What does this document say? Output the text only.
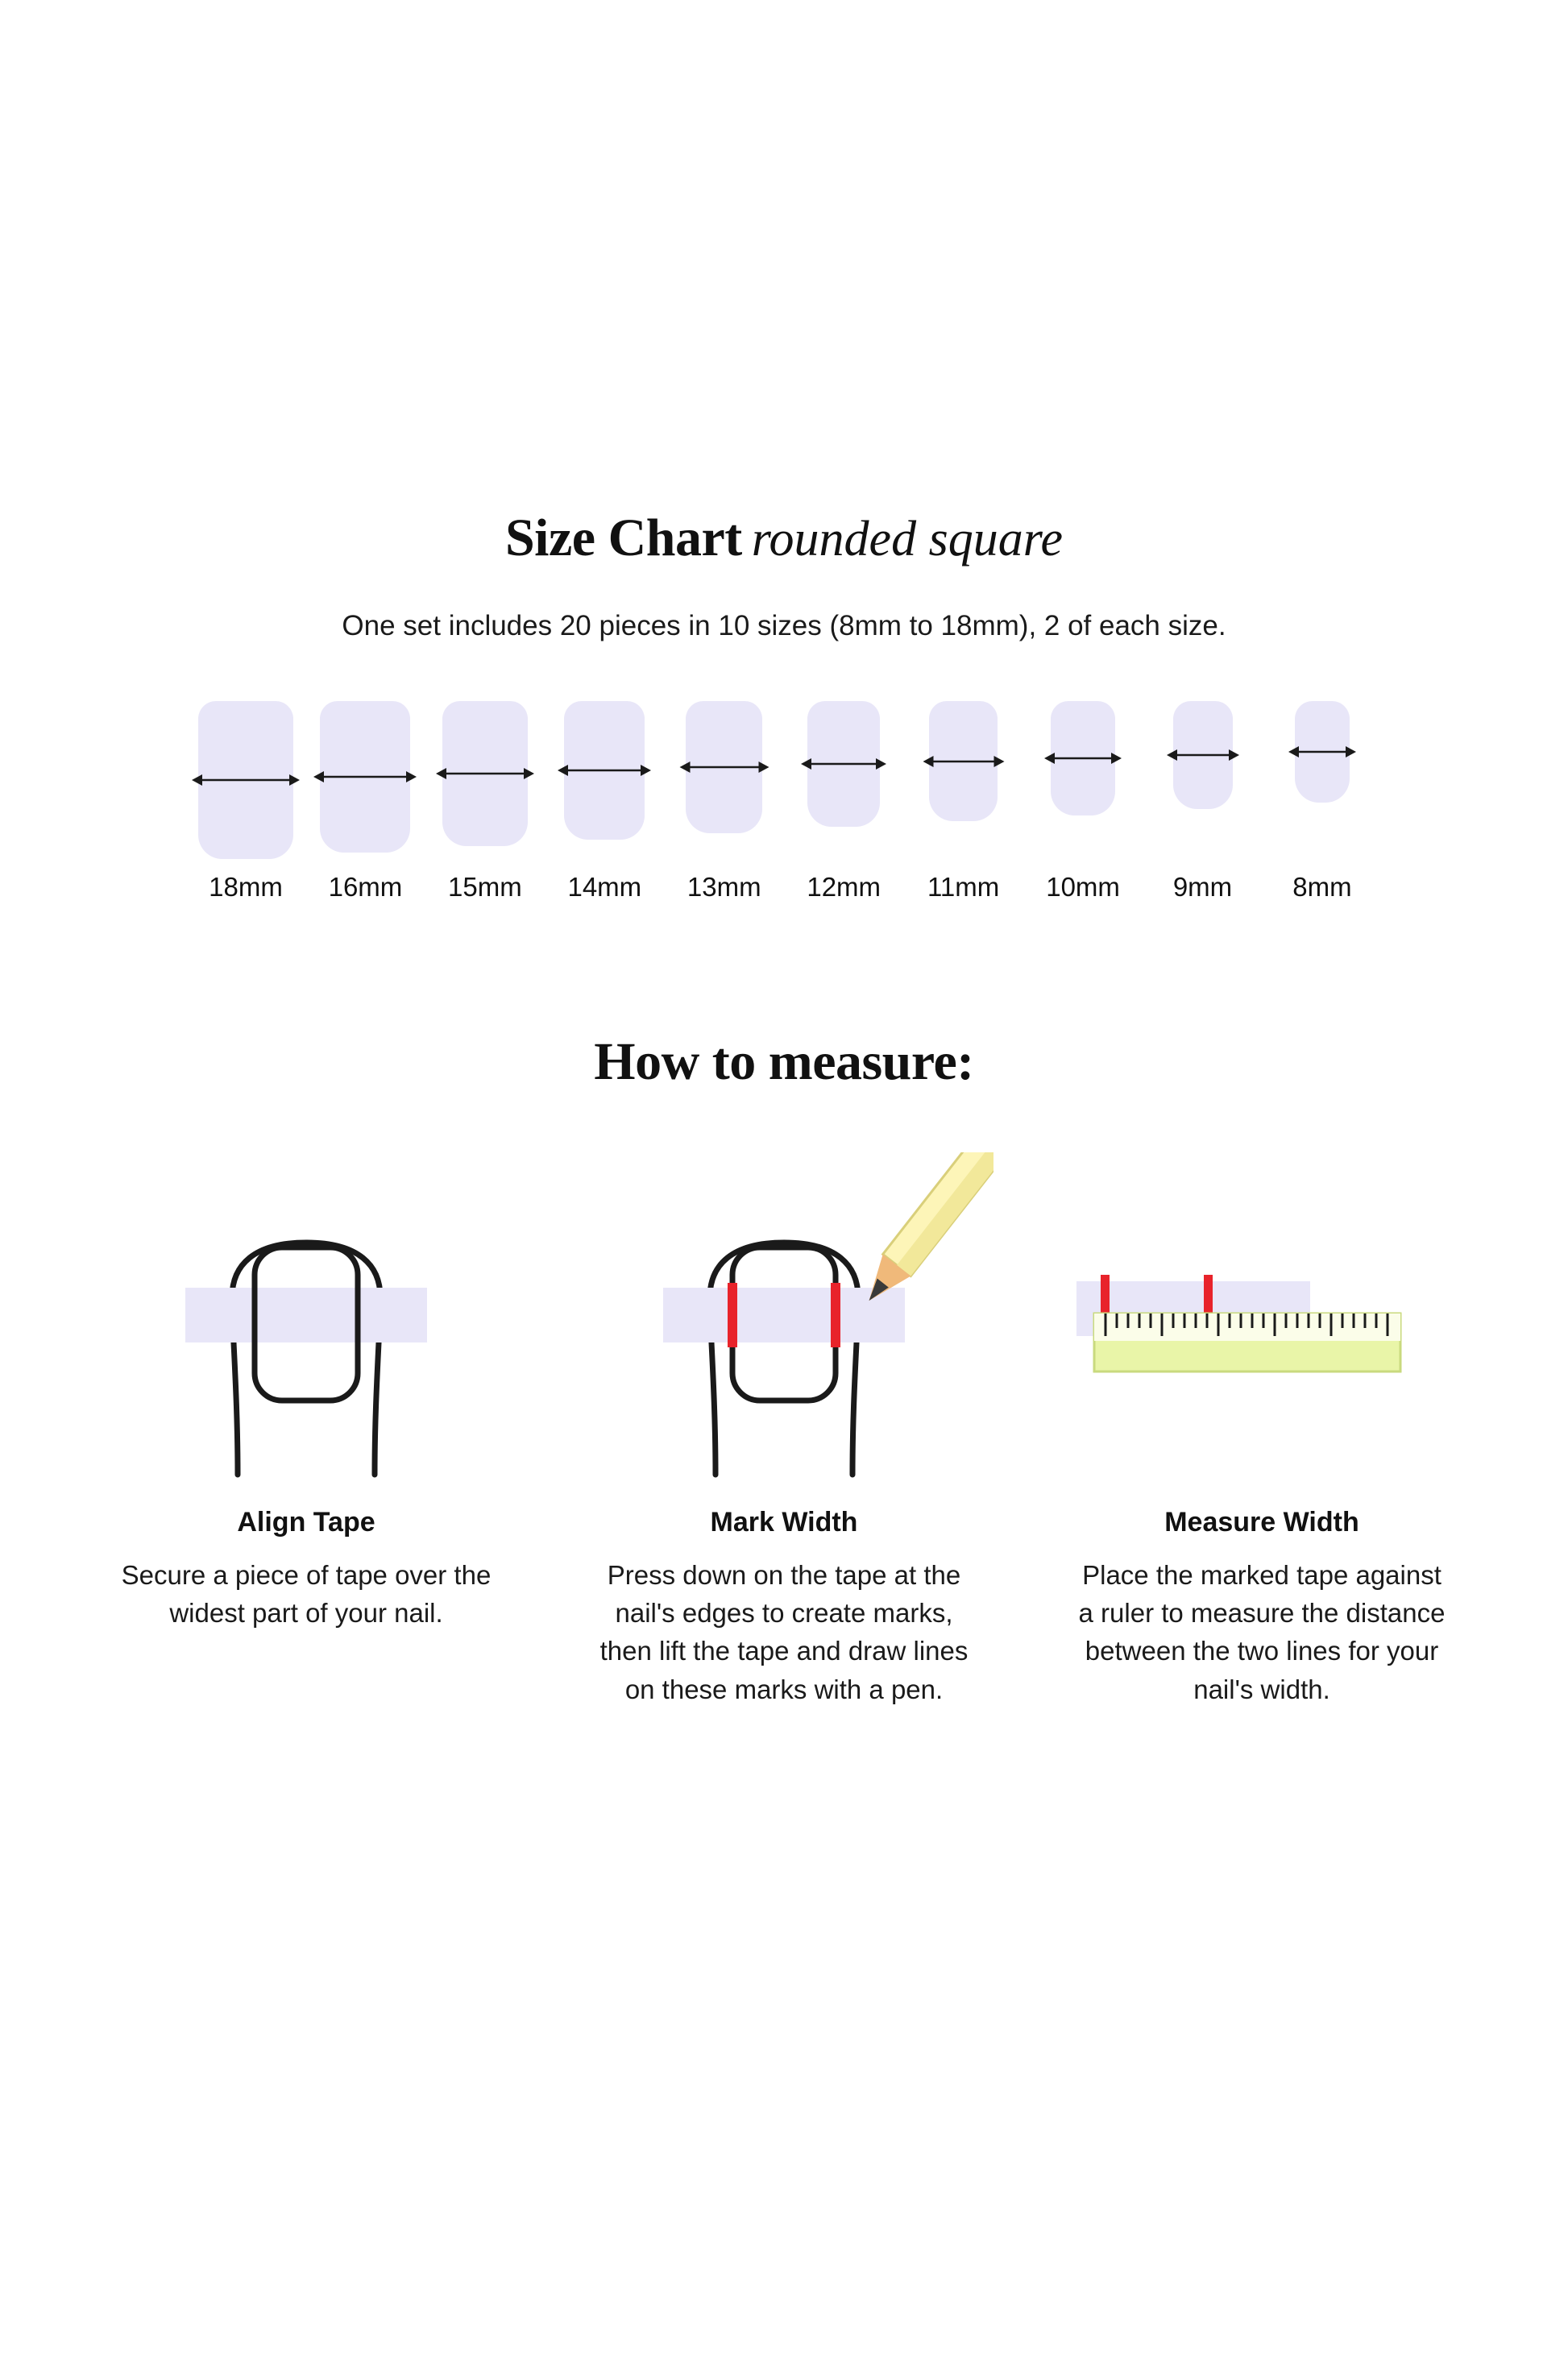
Size Chart rounded square
One set includes 20 pieces in 10 sizes (8mm to 18mm), 2 of each size.
18mm 16mm 15mm 14mm 13mm 12mm 11mm 10mm 9mm 8mm
How to measure:
Align Tape
Secure a piece of tape over the widest part of your nail.
Mark Width
Press down on the tape at the nail's edges to create marks, then lift the tape and draw lines on these marks with a pen.
Measure Width
Place the marked tape against a ruler to measure the distance between the two lines for your nail's width.
